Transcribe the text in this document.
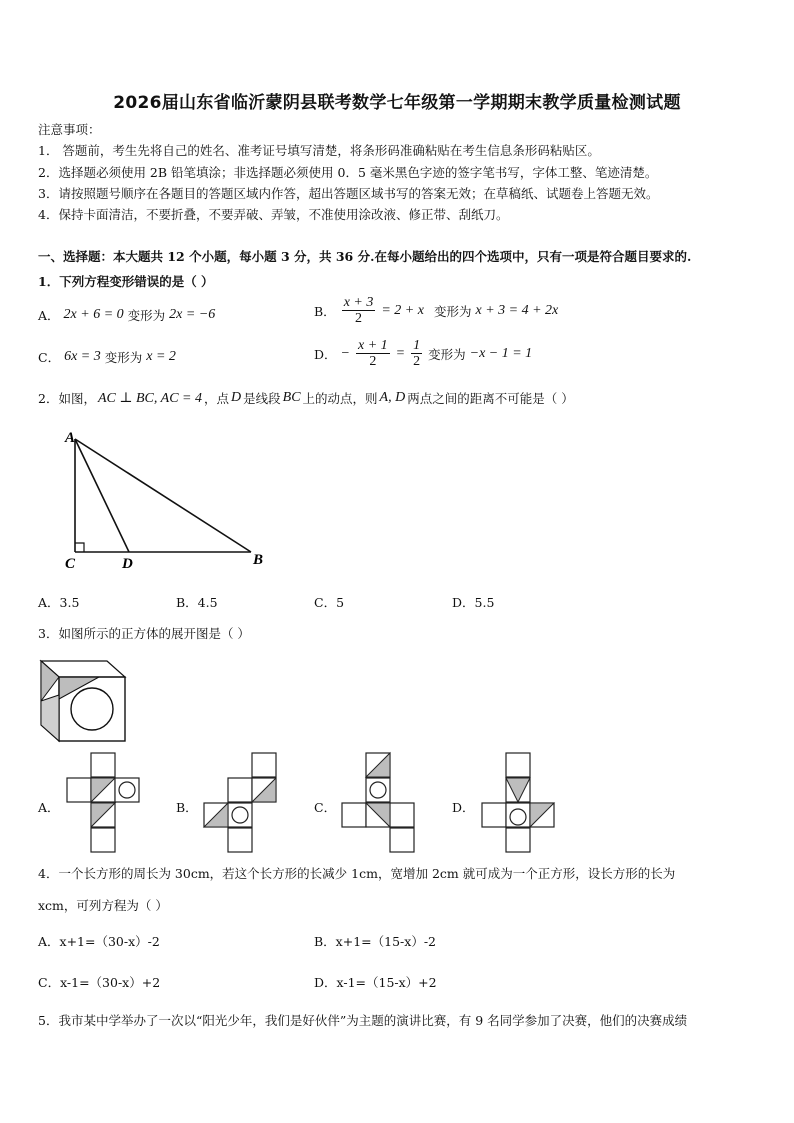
2026届山东省临沂蒙阴县联考数学七年级第一学期期末教学质量检测试题
注意事项：
1． 答题前，考生先将自己的姓名、准考证号填写清楚，将条形码准确粘贴在考生信息条形码粘贴区。
2．选择题必须使用 2B 铅笔填涂；非选择题必须使用 0．5 毫米黑色字迹的签字笔书写，字体工整、笔迹清楚。
3．请按照题号顺序在各题目的答题区域内作答，超出答题区域书写的答案无效；在草稿纸、试题卷上答题无效。
4．保持卡面清洁，不要折叠，不要弄破、弄皱，不准使用涂改液、修正带、刮纸刀。
一、选择题：本大题共 12 个小题，每小题 3 分，共 36 分.在每小题给出的四个选项中，只有一项是符合题目要求的.
1．下列方程变形错误的是（ ）
A． 2x + 6 = 0 变形为 2x = −6	B． $\frac{x + 3}{2} = 2 + x$ 变形为 x + 3 = 4 + 2x
C． 6x = 3 变形为 x = 2	D． − $\frac{x + 1}{2} = \frac{1}{2}$ 变形为 −x − 1 = 1
2．如图， AC ⊥ BC, AC = 4 ，点 D 是线段 BC 上的动点，则 A, D 两点之间的距离不可能是（ ）
A
C	D	B
A．3.5	B．4.5	C．5	D．5.5
3．如图所示的正方体的展开图是（ ）
A．	B．	C．	D．
4．一个长方形的周长为 30cm，若这个长方形的长减少 1cm，宽增加 2cm 就可成为一个正方形，设长方形的长为
xcm，可列方程为（ ）
A．x+1=（30-x）-2	B．x+1=（15-x）-2
C．x-1=（30-x）+2	D．x-1=（15-x）+2
5．我市某中学举办了一次以“阳光少年，我们是好伙伴”为主题的演讲比赛，有 9 名同学参加了决赛，他们的决赛成绩
